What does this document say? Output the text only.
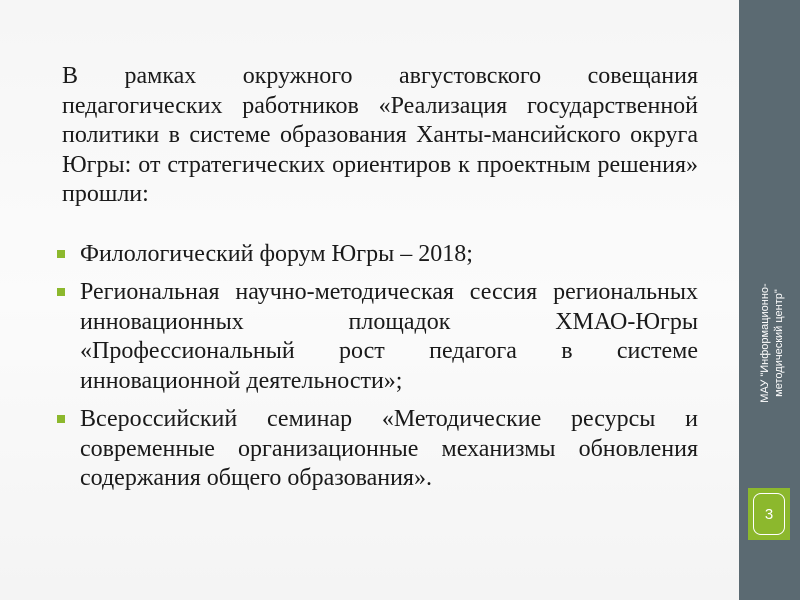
В рамках окружного августовского совещания педагогических работников «Реализация государственной политики в системе образования Ханты-мансийского округа Югры: от стратегических ориентиров к проектным решения» прошли:

Филологический форум Югры – 2018;
Региональная научно-методическая сессия региональных инновационных площадок ХМАО-Югры «Профессиональный рост педагога в системе инновационной деятельности»;
Всероссийский семинар «Методические ресурсы и современные организационные механизмы обновления содержания общего образования».
МАУ "Информационно- методический центр"
3
